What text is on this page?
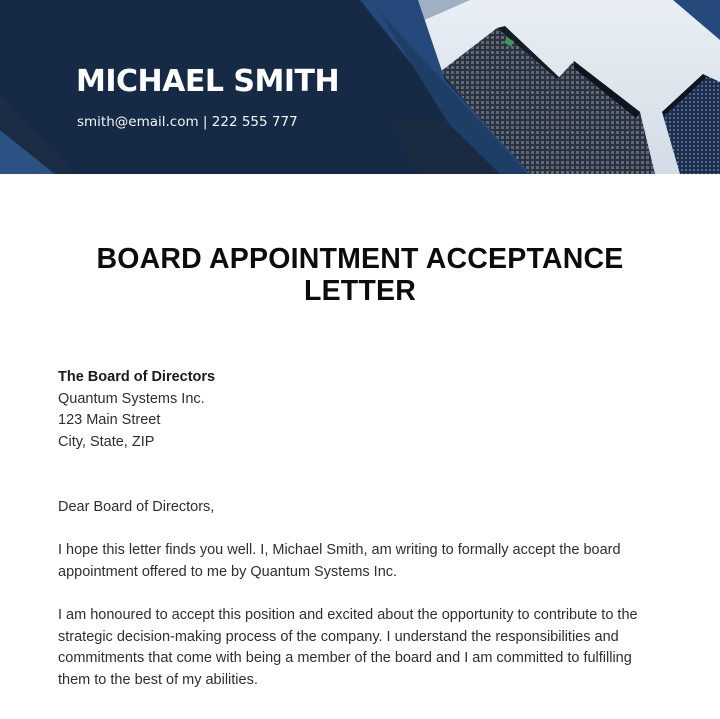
MICHAEL SMITH
smith@email.com | 222 555 777
BOARD APPOINTMENT ACCEPTANCE LETTER
The Board of Directors
Quantum Systems Inc.
123 Main Street
City, State, ZIP

Dear Board of Directors,

I hope this letter finds you well. I, Michael Smith, am writing to formally accept the board appointment offered to me by Quantum Systems Inc.

I am honoured to accept this position and excited about the opportunity to contribute to the strategic decision-making process of the company. I understand the responsibilities and commitments that come with being a member of the board and I am committed to fulfilling them to the best of my abilities.
